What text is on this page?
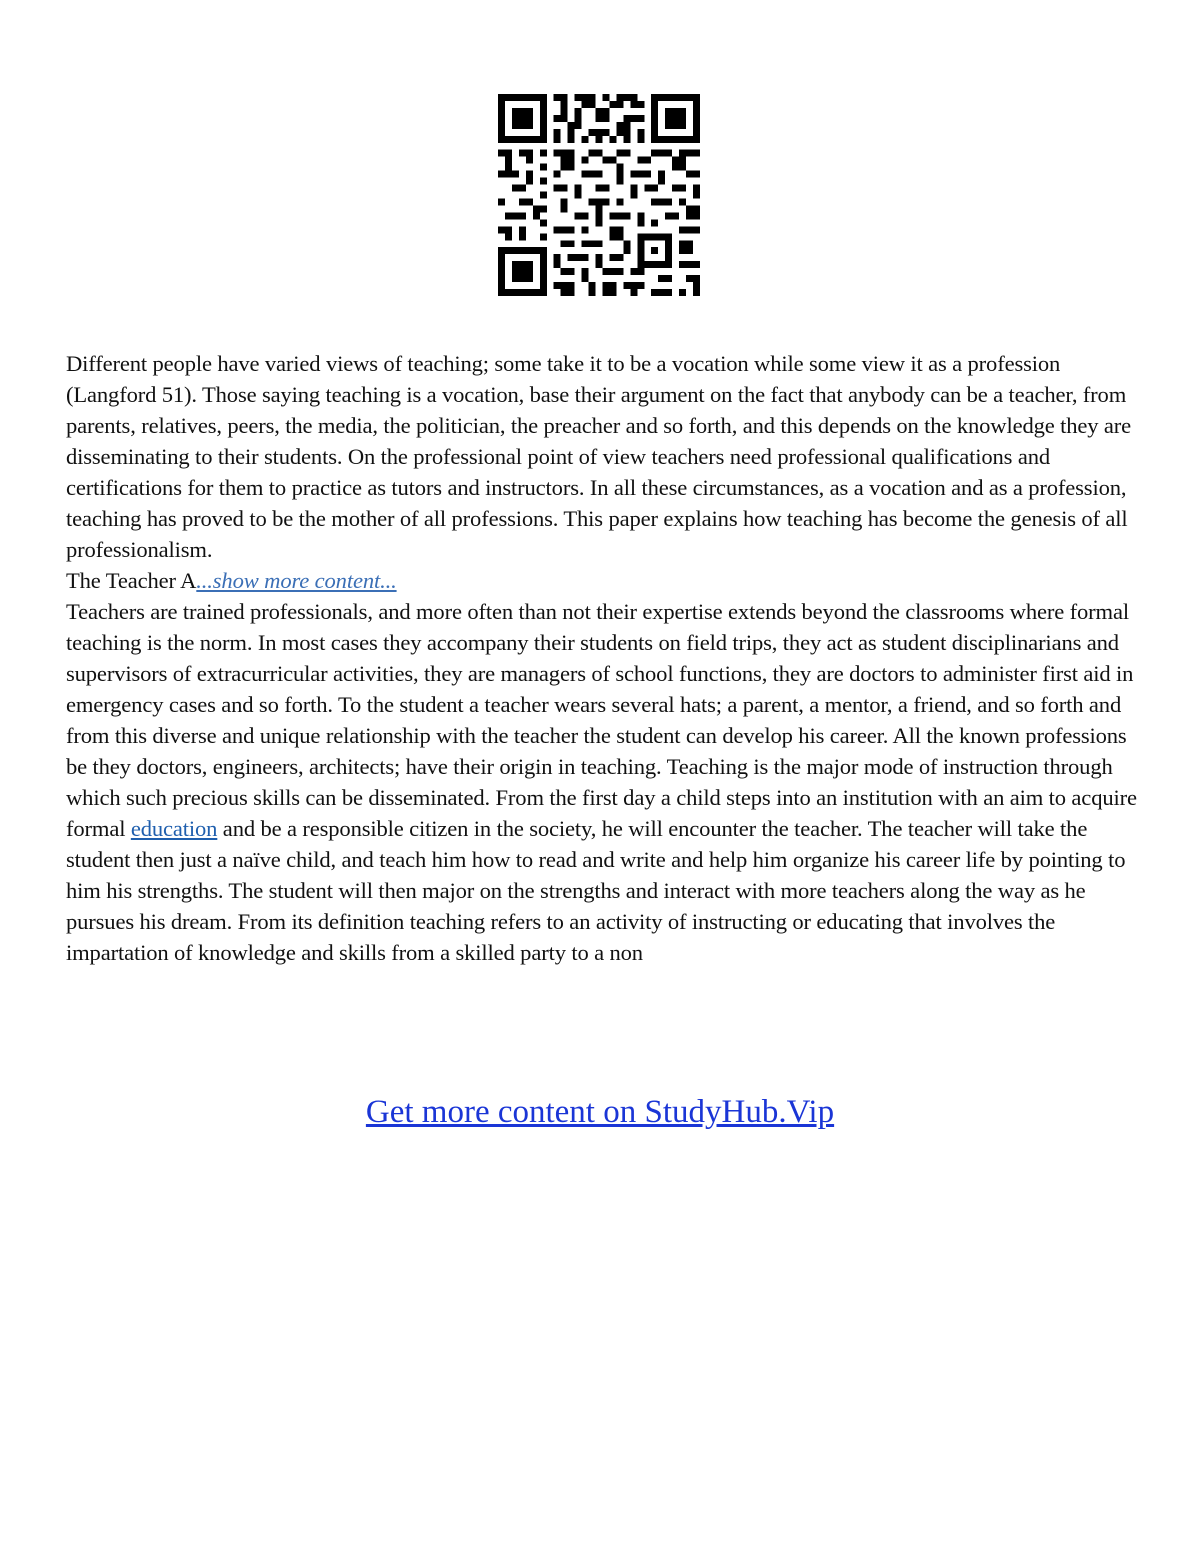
Different people have varied views of teaching; some take it to be a vocation while some view it as a profession (Langford 51). Those saying teaching is a vocation, base their argument on the fact that anybody can be a teacher, from parents, relatives, peers, the media, the politician, the preacher and so forth, and this depends on the knowledge they are disseminating to their students. On the professional point of view teachers need professional qualifications and certifications for them to practice as tutors and instructors. In all these circumstances, as a vocation and as a profession, teaching has proved to be the mother of all professions. This paper explains how teaching has become the genesis of all professionalism.

The Teacher A...show more content...

Teachers are trained professionals, and more often than not their expertise extends beyond the classrooms where formal teaching is the norm. In most cases they accompany their students on field trips, they act as student disciplinarians and supervisors of extracurricular activities, they are managers of school functions, they are doctors to administer first aid in emergency cases and so forth. To the student a teacher wears several hats; a parent, a mentor, a friend, and so forth and from this diverse and unique relationship with the teacher the student can develop his career. All the known professions be they doctors, engineers, architects; have their origin in teaching. Teaching is the major mode of instruction through which such precious skills can be disseminated. From the first day a child steps into an institution with an aim to acquire formal education and be a responsible citizen in the society, he will encounter the teacher. The teacher will take the student then just a naïve child, and teach him how to read and write and help him organize his career life by pointing to him his strengths. The student will then major on the strengths and interact with more teachers along the way as he pursues his dream. From its definition teaching refers to an activity of instructing or educating that involves the impartation of knowledge and skills from a skilled party to a non

Get more content on StudyHub.Vip
